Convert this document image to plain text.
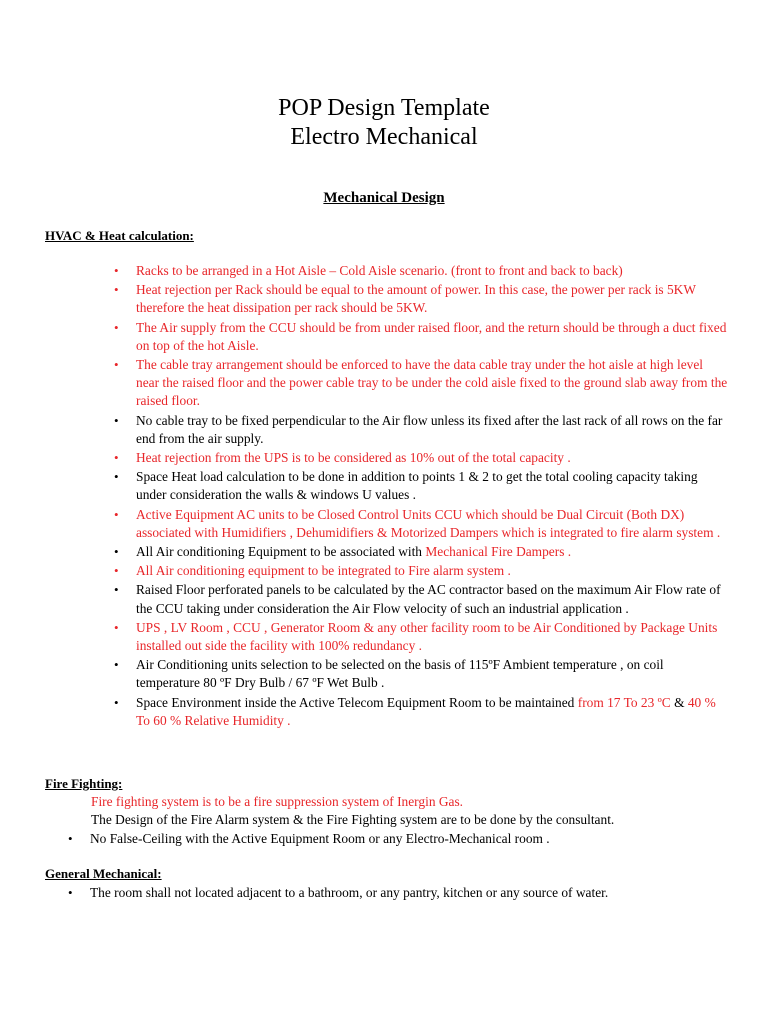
POP Design Template
Electro Mechanical
Mechanical Design
HVAC & Heat calculation:
• Racks to be arranged in a Hot Aisle – Cold Aisle scenario. (front to front and back to back)
• Heat rejection per Rack should be equal to the amount of power. In this case, the power per rack is 5KW therefore the heat dissipation per rack should be 5KW.
• The Air supply from the CCU should be from under raised floor, and the return should be through a duct fixed on top of the hot Aisle.
• The cable tray arrangement should be enforced to have the data cable tray under the hot aisle at high level near the raised floor and the power cable tray to be under the cold aisle fixed to the ground slab away from the raised floor.
• No cable tray to be fixed perpendicular to the Air flow unless its fixed after the last rack of all rows on the far end from the air supply.
• Heat rejection from the UPS is to be considered as 10% out of the total capacity .
• Space Heat load calculation to be done in addition to points 1 & 2 to get the total cooling capacity taking under consideration the walls & windows U values .
• Active Equipment AC units to be Closed Control Units CCU which should be Dual Circuit (Both DX) associated with Humidifiers , Dehumidifiers & Motorized Dampers which is integrated to fire alarm system .
• All Air conditioning Equipment to be associated with Mechanical Fire Dampers .
• All Air conditioning equipment to be integrated to Fire alarm system .
• Raised Floor perforated panels to be calculated by the AC contractor based on the maximum Air Flow rate of the CCU taking under consideration the Air Flow velocity of such an industrial application .
• UPS , LV Room , CCU , Generator Room & any other facility room to be Air Conditioned by Package Units installed out side the facility with 100% redundancy .
• Air Conditioning units selection to be selected on the basis of 115ºF Ambient temperature , on coil temperature 80 ºF Dry Bulb / 67 ºF Wet Bulb .
• Space Environment inside the Active Telecom Equipment Room to be maintained from 17 To 23 ºC & 40 % To 60 % Relative Humidity .
Fire Fighting:
Fire fighting system is to be a fire suppression system of Inergin Gas.
The Design of the Fire Alarm system & the Fire Fighting system are to be done by the consultant.
• No False-Ceiling with the Active Equipment Room or any Electro-Mechanical room .
General Mechanical:
• The room shall not located adjacent to a bathroom, or any pantry, kitchen or any source of water.
